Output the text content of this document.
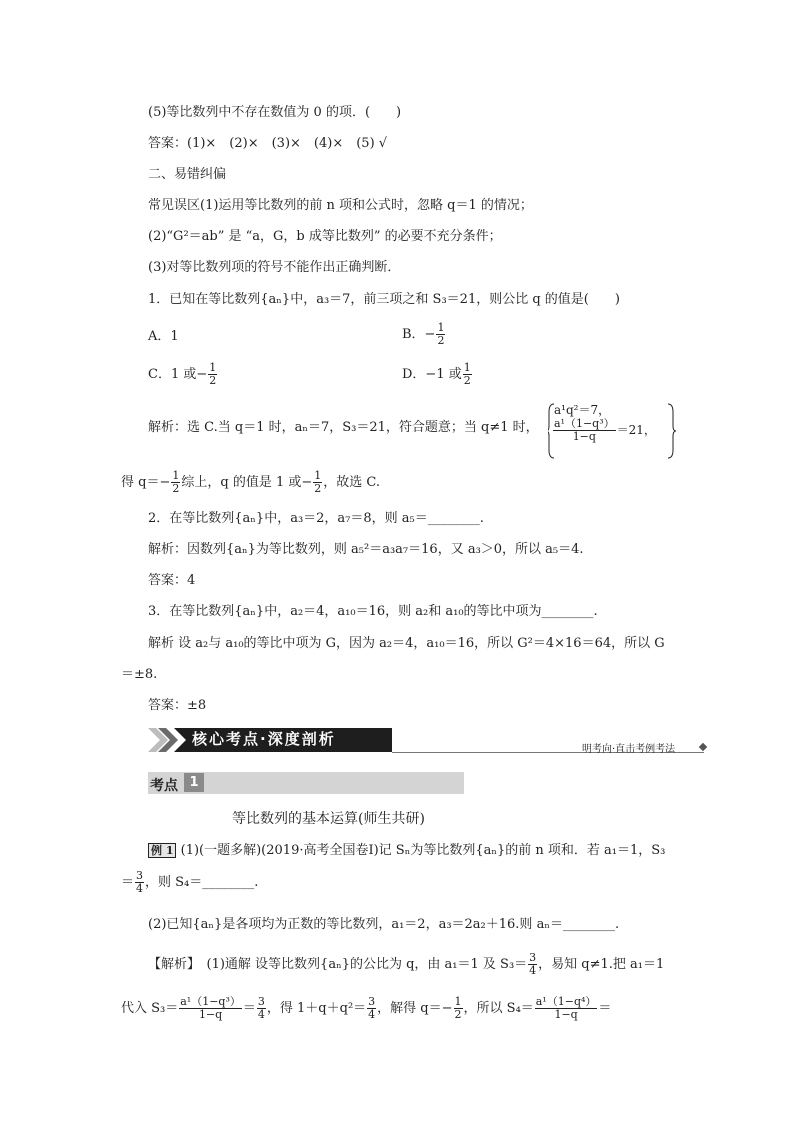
(5)等比数列中不存在数值为 0 的项．(　　)
答案：(1)×　(2)×　(3)×　(4)×　(5) √
二、易错纠偏
常见误区(1)运用等比数列的前 n 项和公式时，忽略 q＝1 的情况；
(2)“G²＝ab” 是 “a，G，b 成等比数列” 的必要不充分条件；
(3)对等比数列项的符号不能作出正确判断．
1．已知在等比数列{aₙ}中，a₃＝7，前三项之和 S₃＝21，则公比 q 的值是(　　)
A．1	B．− $\frac{1}{2}$
C．1 或− $\frac{1}{2}$	D．−1 或 $\frac{1}{2}$
解析：选 C.当 q＝1 时，aₙ＝7，S₃＝21，符合题意；当 q≠1 时，
a¹q²＝7，
$\frac{\text{a¹（1−q³）}}{1-q} =21$，
得 $q=- \frac{1}{2}$ 综上，q 的值是 1 或− $\frac{1}{2}$ ，故选 C.
2．在等比数列{aₙ}中，a₃＝2，a₇＝8，则 a₅＝________.
解析：因数列{aₙ}为等比数列，则 a₅²＝a₃a₇＝16，又 a₃＞0，所以 a₅＝4.
答案：4
3．在等比数列{aₙ}中，a₂＝4，a₁₀＝16，则 a₂和 a₁₀的等比中项为________.
解析 设 a₂与 a₁₀的等比中项为 G，因为 a₂＝4，a₁₀＝16，所以 G²＝4×16＝64，所以 G
＝±8.
答案：±8
核心考点·深度剖析
明考向·直击考例考法
考点 1
等比数列的基本运算(师生共研)
例 1 (1)(一题多解)(2019·高考全国卷Ⅰ)记 Sₙ为等比数列{aₙ}的前 n 项和．若 a₁＝1，S₃
＝ $\frac{3}{4}$ ，则 S₄＝________.
(2)已知{aₙ}是各项均为正数的等比数列，a₁＝2，a₃＝2a₂＋16.则 aₙ＝________.
【解析】　(1)通解 设等比数列{aₙ}的公比为 q，由 a₁＝1 及 $S_3= \frac{3}{4}$ ，易知 q≠1.把 a₁＝1
代入 $S_3= \frac{\text{a¹（1−q³）}}{1-q} = \frac{3}{4}$ ，得 $1+q+q^2= \frac{3}{4}$ ，解得 $q=- \frac{1}{2}$ ，所以 $S_4= \frac{\text{a¹（1−q⁴）}}{1-q}$ ＝
